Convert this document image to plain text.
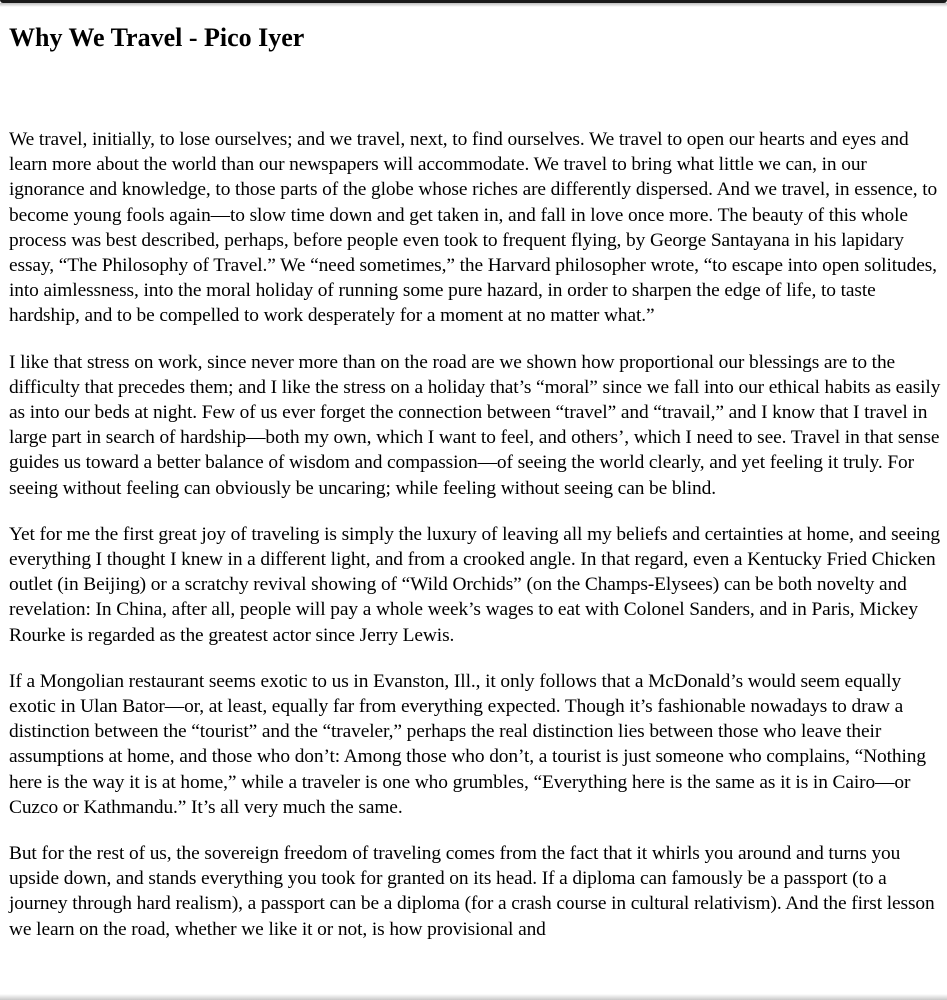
Why We Travel - Pico Iyer

We travel, initially, to lose ourselves; and we travel, next, to find ourselves. We travel to open our hearts and eyes and learn more about the world than our newspapers will accommodate. We travel to bring what little we can, in our ignorance and knowledge, to those parts of the globe whose riches are differently dispersed. And we travel, in essence, to become young fools again—to slow time down and get taken in, and fall in love once more. The beauty of this whole process was best described, perhaps, before people even took to frequent flying, by George Santayana in his lapidary essay, “The Philosophy of Travel.” We “need sometimes,” the Harvard philosopher wrote, “to escape into open solitudes, into aimlessness, into the moral holiday of running some pure hazard, in order to sharpen the edge of life, to taste hardship, and to be compelled to work desperately for a moment at no matter what.”

I like that stress on work, since never more than on the road are we shown how proportional our blessings are to the difficulty that precedes them; and I like the stress on a holiday that’s “moral” since we fall into our ethical habits as easily as into our beds at night. Few of us ever forget the connection between “travel” and “travail,” and I know that I travel in large part in search of hardship—both my own, which I want to feel, and others’, which I need to see. Travel in that sense guides us toward a better balance of wisdom and compassion—of seeing the world clearly, and yet feeling it truly. For seeing without feeling can obviously be uncaring; while feeling without seeing can be blind.

Yet for me the first great joy of traveling is simply the luxury of leaving all my beliefs and certainties at home, and seeing everything I thought I knew in a different light, and from a crooked angle. In that regard, even a Kentucky Fried Chicken outlet (in Beijing) or a scratchy revival showing of “Wild Orchids” (on the Champs-Elysees) can be both novelty and revelation: In China, after all, people will pay a whole week’s wages to eat with Colonel Sanders, and in Paris, Mickey Rourke is regarded as the greatest actor since Jerry Lewis.

If a Mongolian restaurant seems exotic to us in Evanston, Ill., it only follows that a McDonald’s would seem equally exotic in Ulan Bator—or, at least, equally far from everything expected. Though it’s fashionable nowadays to draw a distinction between the “tourist” and the “traveler,” perhaps the real distinction lies between those who leave their assumptions at home, and those who don’t: Among those who don’t, a tourist is just someone who complains, “Nothing here is the way it is at home,” while a traveler is one who grumbles, “Everything here is the same as it is in Cairo—or Cuzco or Kathmandu.” It’s all very much the same.

But for the rest of us, the sovereign freedom of traveling comes from the fact that it whirls you around and turns you upside down, and stands everything you took for granted on its head. If a diploma can famously be a passport (to a journey through hard realism), a passport can be a diploma (for a crash course in cultural relativism). And the first lesson we learn on the road, whether we like it or not, is how provisional and
